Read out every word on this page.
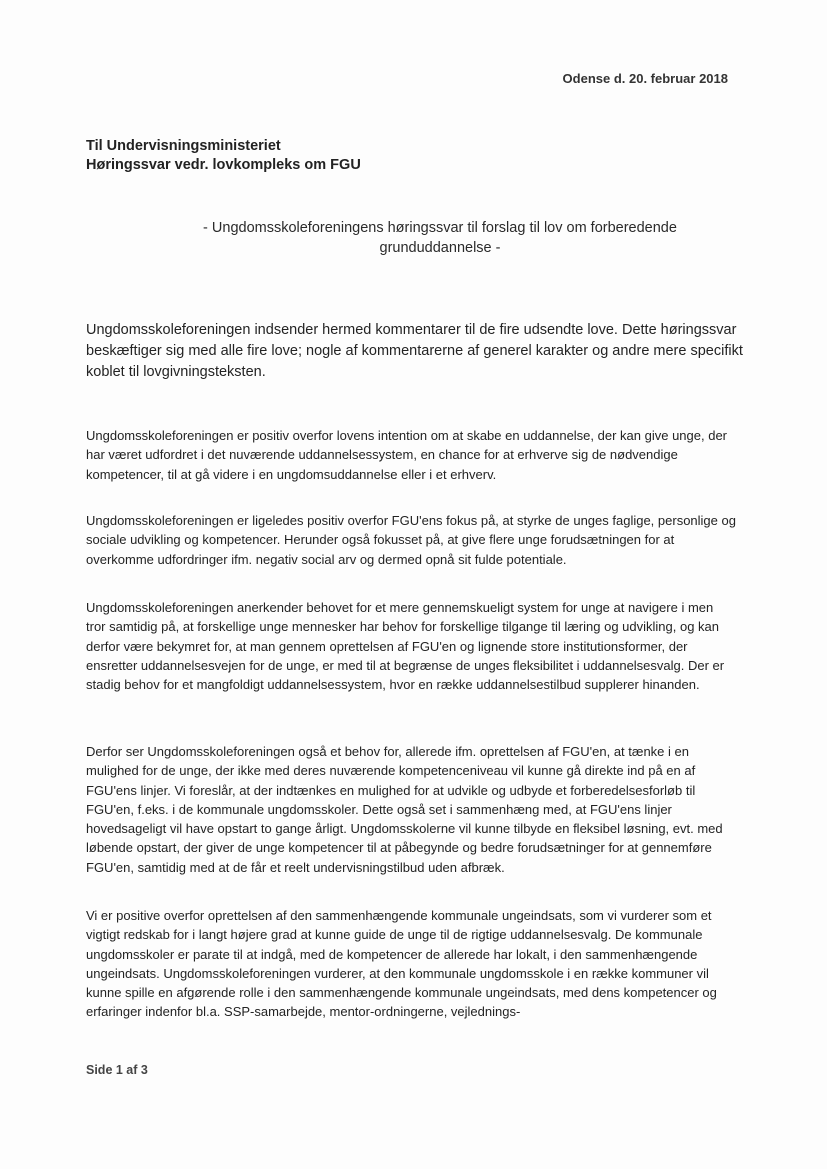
Odense d. 20. februar 2018
Til Undervisningsministeriet
Høringssvar vedr. lovkompleks om FGU
- Ungdomsskoleforeningens høringssvar til forslag til lov om forberedende
grunduddannelse -
Ungdomsskoleforeningen indsender hermed kommentarer til de fire udsendte love. Dette høringssvar beskæftiger sig med alle fire love; nogle af kommentarerne af generel karakter og andre mere specifikt koblet til lovgivningsteksten.
Ungdomsskoleforeningen er positiv overfor lovens intention om at skabe en uddannelse, der kan give unge, der har været udfordret i det nuværende uddannelsessystem, en chance for at erhverve sig de nødvendige kompetencer, til at gå videre i en ungdomsuddannelse eller i et erhverv.
Ungdomsskoleforeningen er ligeledes positiv overfor FGU'ens fokus på, at styrke de unges faglige, personlige og sociale udvikling og kompetencer. Herunder også fokusset på, at give flere unge forudsætningen for at overkomme udfordringer ifm. negativ social arv og dermed opnå sit fulde potentiale.
Ungdomsskoleforeningen anerkender behovet for et mere gennemskueligt system for unge at navigere i men tror samtidig på, at forskellige unge mennesker har behov for forskellige tilgange til læring og udvikling, og kan derfor være bekymret for, at man gennem oprettelsen af FGU'en og lignende store institutionsformer, der ensretter uddannelsesvejen for de unge, er med til at begrænse de unges fleksibilitet i uddannelsesvalg. Der er stadig behov for et mangfoldigt uddannelsessystem, hvor en række uddannelsestilbud supplerer hinanden.
Derfor ser Ungdomsskoleforeningen også et behov for, allerede ifm. oprettelsen af FGU'en, at tænke i en mulighed for de unge, der ikke med deres nuværende kompetenceniveau vil kunne gå direkte ind på en af FGU'ens linjer. Vi foreslår, at der indtænkes en mulighed for at udvikle og udbyde et forberedelsesforløb til FGU'en, f.eks. i de kommunale ungdomsskoler. Dette også set i sammenhæng med, at FGU'ens linjer hovedsageligt vil have opstart to gange årligt. Ungdomsskolerne vil kunne tilbyde en fleksibel løsning, evt. med løbende opstart, der giver de unge kompetencer til at påbegynde og bedre forudsætninger for at gennemføre FGU'en, samtidig med at de får et reelt undervisningstilbud uden afbræk.
Vi er positive overfor oprettelsen af den sammenhængende kommunale ungeindsats, som vi vurderer som et vigtigt redskab for i langt højere grad at kunne guide de unge til de rigtige uddannelsesvalg. De kommunale ungdomsskoler er parate til at indgå, med de kompetencer de allerede har lokalt, i den sammenhængende ungeindsats. Ungdomsskoleforeningen vurderer, at den kommunale ungdomsskole i en række kommuner vil kunne spille en afgørende rolle i den sammenhængende kommunale ungeindsats, med dens kompetencer og erfaringer indenfor bl.a. SSP-samarbejde, mentor-ordningerne, vejlednings-
Side 1 af 3
